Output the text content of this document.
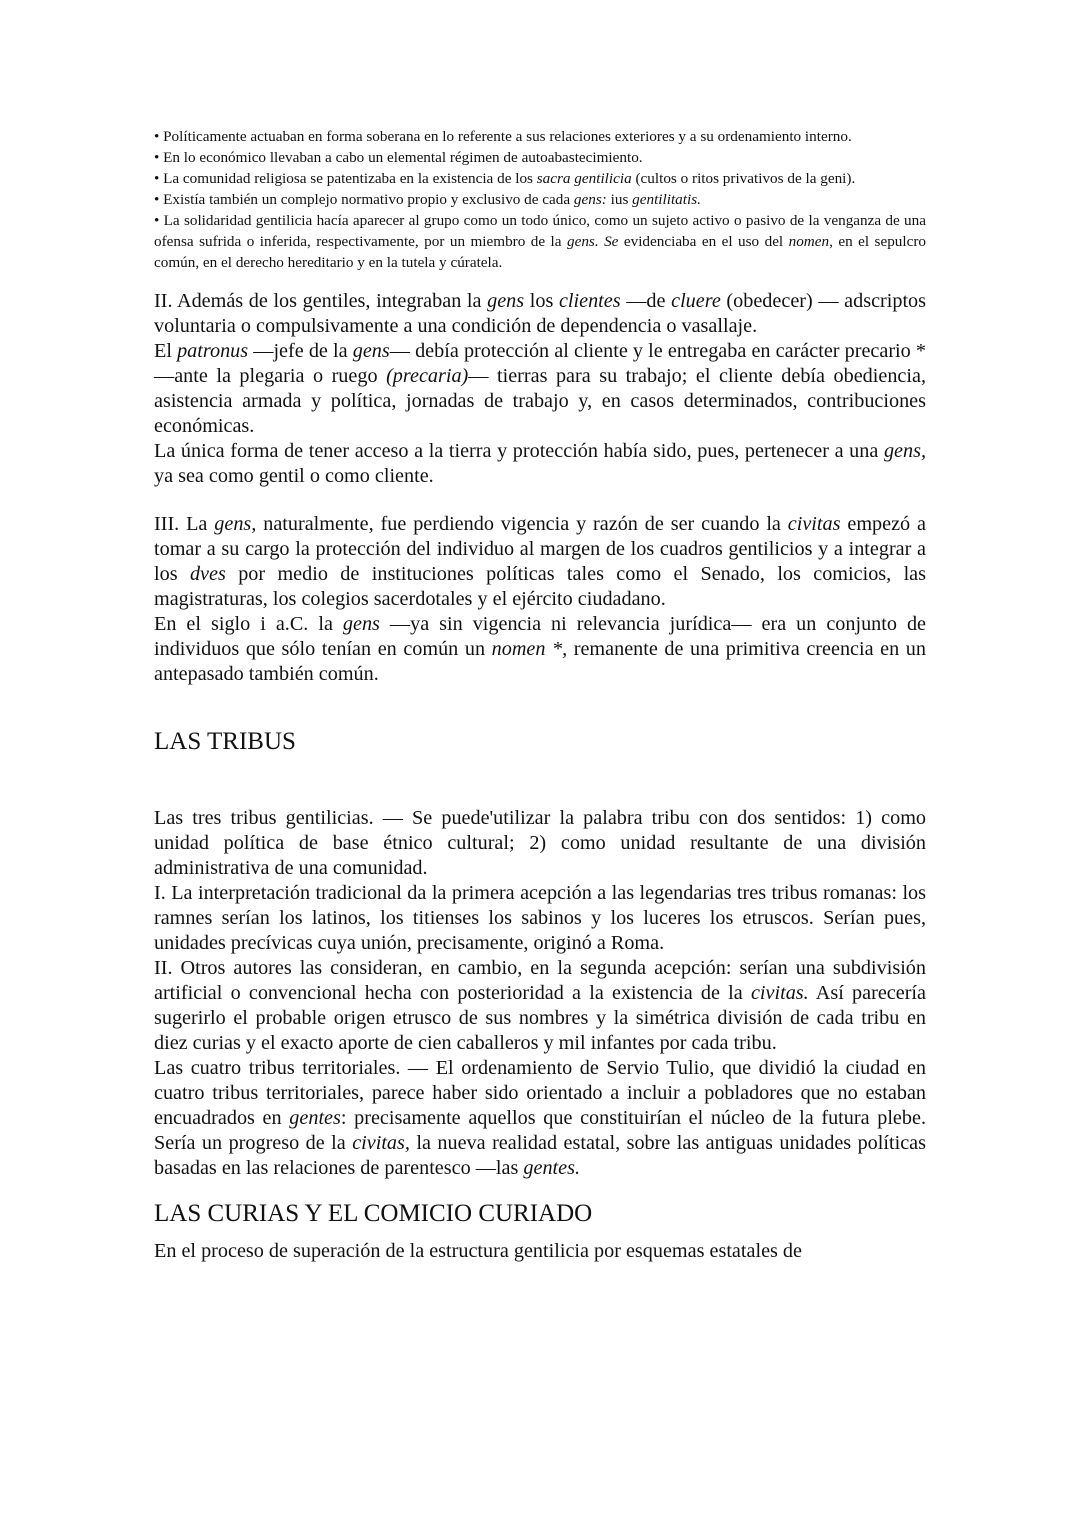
• Políticamente actuaban en forma soberana en lo referente a sus relaciones exteriores y a su ordenamiento interno.

• En lo económico llevaban a cabo un elemental régimen de autoabastecimiento.

• La comunidad religiosa se patentizaba en la existencia de los sacra gentilicia (cultos o ritos privativos de la geni).

• Existía también un complejo normativo propio y exclusivo de cada gens: ius gentilitatis.

• La solidaridad gentilicia hacía aparecer al grupo como un todo único, como un sujeto activo o pasivo de la venganza de una ofensa sufrida o inferida, respectivamente, por un miembro de la gens. Se evidenciaba en el uso del nomen, en el sepulcro común, en el derecho hereditario y en la tutela y cúratela.

II. Además de los gentiles, integraban la gens los clientes —de cluere (obedecer) — adscriptos voluntaria o compulsivamente a una condición de dependencia o vasallaje.

El patronus —jefe de la gens— debía protección al cliente y le entregaba en carácter precario * —ante la plegaria o ruego (precaria)— tierras para su trabajo; el cliente debía obediencia, asistencia armada y política, jornadas de trabajo y, en casos determinados, contribuciones económicas.

La única forma de tener acceso a la tierra y protección había sido, pues, pertenecer a una gens, ya sea como gentil o como cliente.

III. La gens, naturalmente, fue perdiendo vigencia y razón de ser cuando la civitas empezó a tomar a su cargo la protección del individuo al margen de los cuadros gentilicios y a integrar a los dves por medio de instituciones políticas tales como el Senado, los comicios, las magistraturas, los colegios sacerdotales y el ejército ciudadano.

En el siglo i a.C. la gens —ya sin vigencia ni relevancia jurídica— era un conjunto de individuos que sólo tenían en común un nomen *, remanente de una primitiva creencia en un antepasado también común.

LAS TRIBUS

Las tres tribus gentilicias. — Se puede'utilizar la palabra tribu con dos sentidos: 1) como unidad política de base étnico cultural; 2) como unidad resultante de una división administrativa de una comunidad.

I. La interpretación tradicional da la primera acepción a las legendarias tres tribus romanas: los ramnes serían los latinos, los titienses los sabinos y los luceres los etruscos. Serían pues, unidades precívicas cuya unión, precisamente, originó a Roma.

II. Otros autores las consideran, en cambio, en la segunda acepción: serían una subdivisión artificial o convencional hecha con posterioridad a la existencia de la civitas. Así parecería sugerirlo el probable origen etrusco de sus nombres y la simétrica división de cada tribu en diez curias y el exacto aporte de cien caballeros y mil infantes por cada tribu.

Las cuatro tribus territoriales. — El ordenamiento de Servio Tulio, que dividió la ciudad en cuatro tribus territoriales, parece haber sido orientado a incluir a pobladores que no estaban encuadrados en gentes: precisamente aquellos que constituirían el núcleo de la futura plebe. Sería un progreso de la civitas, la nueva realidad estatal, sobre las antiguas unidades políticas basadas en las relaciones de parentesco —las gentes.

LAS CURIAS Y EL COMICIO CURIADO

En el proceso de superación de la estructura gentilicia por esquemas estatales de
